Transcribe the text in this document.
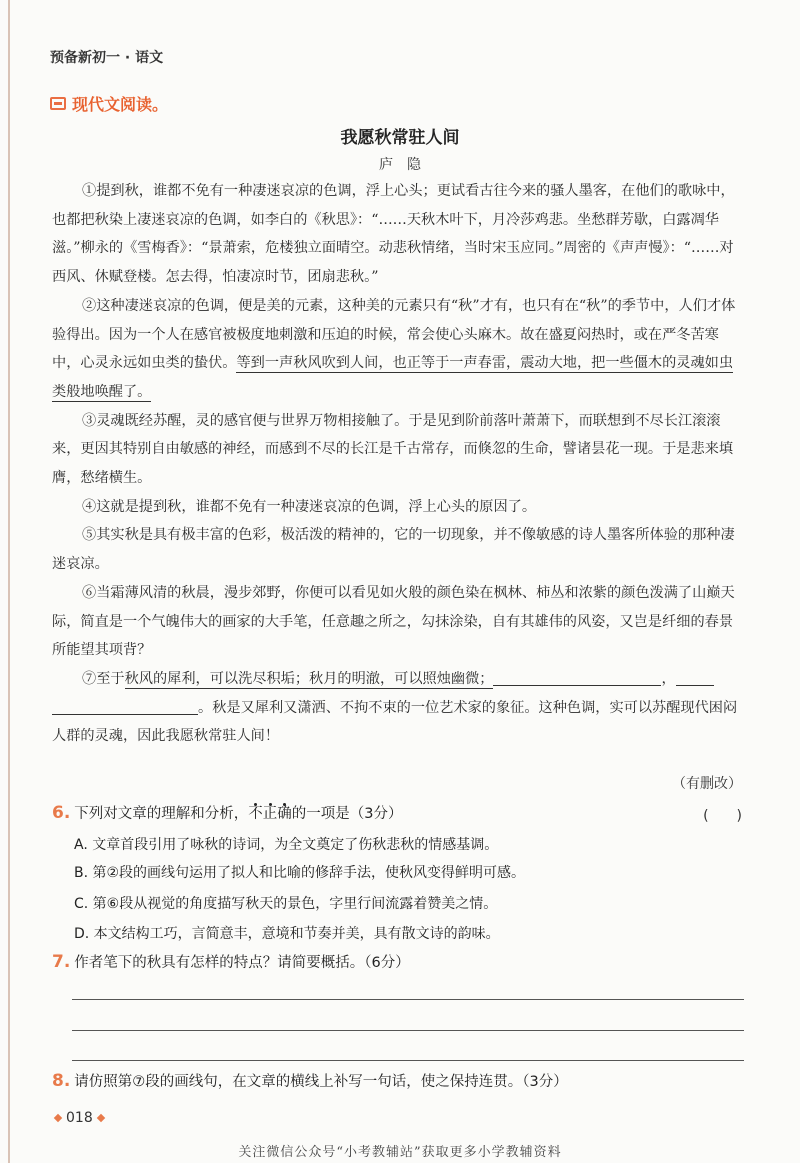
预备新初一 · 语文
现代文阅读。
我愿秋常驻人间
庐隐

①提到秋，谁都不免有一种凄迷哀凉的色调，浮上心头；更试看古往今来的骚人墨客，在他们的歌咏中，也都把秋染上凄迷哀凉的色调，如李白的《秋思》：“……天秋木叶下，月冷莎鸡悲。坐愁群芳歇，白露凋华滋。”柳永的《雪梅香》：“景萧索，危楼独立面晴空。动悲秋情绪，当时宋玉应同。”周密的《声声慢》：“……对西风、休赋登楼。怎去得，怕凄凉时节，团扇悲秋。”

②这种凄迷哀凉的色调，便是美的元素，这种美的元素只有“秋”才有，也只有在“秋”的季节中，人们才体验得出。因为一个人在感官被极度地刺激和压迫的时候，常会使心头麻木。故在盛夏闷热时，或在严冬苦寒中，心灵永远如虫类的蛰伏。等到一声秋风吹到人间，也正等于一声春雷，震动大地，把一些僵木的灵魂如虫类般地唤醒了。

③灵魂既经苏醒，灵的感官便与世界万物相接触了。于是见到阶前落叶萧萧下，而联想到不尽长江滚滚来，更因其特别自由敏感的神经，而感到不尽的长江是千古常存，而倏忽的生命，譬诸昙花一现。于是悲来填膺，愁绪横生。

④这就是提到秋，谁都不免有一种凄迷哀凉的色调，浮上心头的原因了。

⑤其实秋是具有极丰富的色彩，极活泼的精神的，它的一切现象，并不像敏感的诗人墨客所体验的那种凄迷哀凉。

⑥当霜薄风清的秋晨，漫步郊野，你便可以看见如火般的颜色染在枫林、柿丛和浓紫的颜色泼满了山巅天际，简直是一个气魄伟大的画家的大手笔，任意趣之所之，勾抹涂染，自有其雄伟的风姿，又岂是纤细的春景所能望其项背？

⑦至于秋风的犀利，可以洗尽积垢；秋月的明澈，可以照烛幽微；	，。秋是又犀利又潇洒、不拘不束的一位艺术家的象征。这种色调，实可以苏醒现代困闷人群的灵魂，因此我愿秋常驻人间！

（有删改）
6. 下列对文章的理解和分析，不正确的一项是（3分）	(　　)
A. 文章首段引用了咏秋的诗词，为全文奠定了伤秋悲秋的情感基调。
B. 第②段的画线句运用了拟人和比喻的修辞手法，使秋风变得鲜明可感。
C. 第⑥段从视觉的角度描写秋天的景色，字里行间流露着赞美之情。
D. 本文结构工巧，言简意丰，意境和节奏并美，具有散文诗的韵味。
7. 作者笔下的秋具有怎样的特点？请简要概括。（6分）
8. 请仿照第⑦段的画线句，在文章的横线上补写一句话，使之保持连贯。（3分）
018
关注微信公众号“小考教辅站”获取更多小学教辅资料
